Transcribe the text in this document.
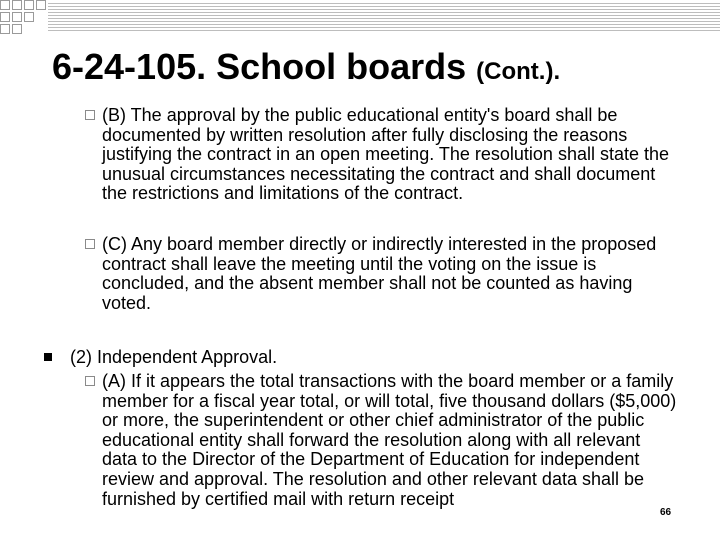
6-24-105. School boards (Cont.).
(B) The approval by the public educational entity's board shall be documented by written resolution after fully disclosing the reasons justifying the contract in an open meeting. The resolution shall state the unusual circumstances necessitating the contract and shall document the restrictions and limitations of the contract.
(C) Any board member directly or indirectly interested in the proposed contract shall leave the meeting until the voting on the issue is concluded, and the absent member shall not be counted as having voted.
(2) Independent Approval.
(A) If it appears the total transactions with the board member or a family member for a fiscal year total, or will total, five thousand dollars ($5,000) or more, the superintendent or other chief administrator of the public educational entity shall forward the resolution along with all relevant data to the Director of the Department of Education for independent review and approval. The resolution and other relevant data shall be furnished by certified mail with return receipt
66
